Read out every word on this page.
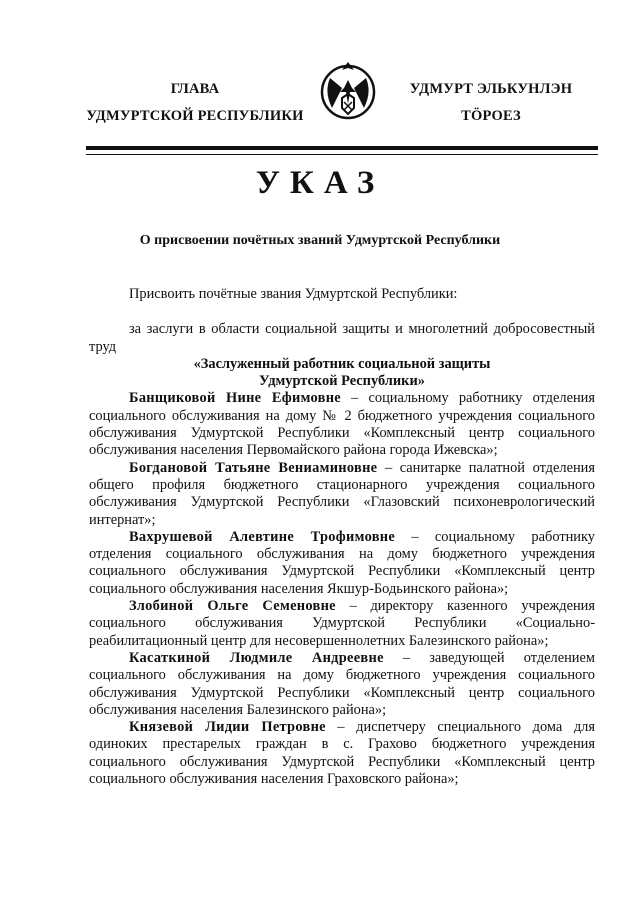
ГЛАВА
УДМУРТСКОЙ РЕСПУБЛИКИ
УДМУРТ ЭЛЬКУНЛЭН
ТӦРОЕЗ
УКАЗ
О присвоении почётных званий Удмуртской Республики

Присвоить почётные звания Удмуртской Республики:

за заслуги в области социальной защиты и многолетний добросовестный труд

«Заслуженный работник социальной защиты

Удмуртской Республики»

Банщиковой Нине Ефимовне – социальному работнику отделения социального обслуживания на дому № 2 бюджетного учреждения социального обслуживания Удмуртской Республики «Комплексный центр социального обслуживания населения Первомайского района города Ижевска»;

Богдановой Татьяне Вениаминовне – санитарке палатной отделения общего профиля бюджетного стационарного учреждения социального обслуживания Удмуртской Республики «Глазовский психоневрологический интернат»;

Вахрушевой Алевтине Трофимовне – социальному работнику отделения социального обслуживания на дому бюджетного учреждения социального обслуживания Удмуртской Республики «Комплексный центр социального обслуживания населения Якшур-Бодьинского района»;

Злобиной Ольге Семеновне – директору казенного учреждения социального обслуживания Удмуртской Республики «Социально-реабилитационный центр для несовершеннолетних Балезинского района»;

Касаткиной Людмиле Андреевне – заведующей отделением социального обслуживания на дому бюджетного учреждения социального обслуживания Удмуртской Республики «Комплексный центр социального обслуживания населения Балезинского района»;

Князевой Лидии Петровне – диспетчеру специального дома для одиноких престарелых граждан в с. Грахово бюджетного учреждения социального обслуживания Удмуртской Республики «Комплексный центр социального обслуживания населения Граховского района»;
